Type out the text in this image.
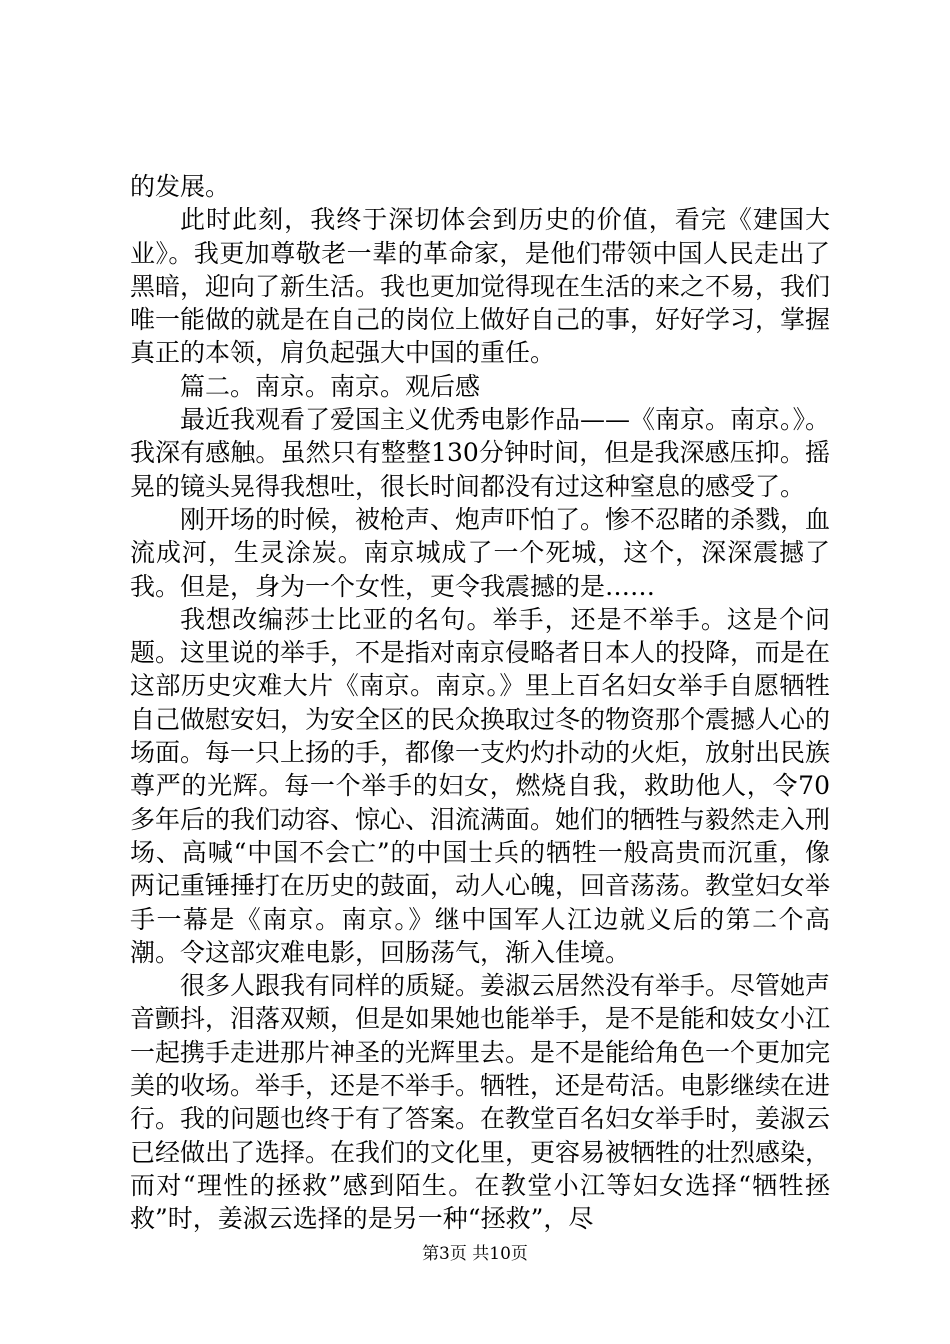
的发展。

此时此刻，我终于深切体会到历史的价值，看完《建国大业》。我更加尊敬老一辈的革命家，是他们带领中国人民走出了黑暗，迎向了新生活。我也更加觉得现在生活的来之不易，我们唯一能做的就是在自己的岗位上做好自己的事，好好学习，掌握真正的本领，肩负起强大中国的重任。

篇二。南京。南京。观后感

最近我观看了爱国主义优秀电影作品——《南京。南京。》。我深有感触。虽然只有整整130分钟时间，但是我深感压抑。摇晃的镜头晃得我想吐，很长时间都没有过这种窒息的感受了。

刚开场的时候，被枪声、炮声吓怕了。惨不忍睹的杀戮，血流成河，生灵涂炭。南京城成了一个死城，这个，深深震撼了我。但是，身为一个女性，更令我震撼的是……

我想改编莎士比亚的名句。举手，还是不举手。这是个问题。这里说的举手，不是指对南京侵略者日本人的投降，而是在这部历史灾难大片《南京。南京。》里上百名妇女举手自愿牺牲自己做慰安妇，为安全区的民众换取过冬的物资那个震撼人心的场面。每一只上扬的手，都像一支灼灼扑动的火炬，放射出民族尊严的光辉。每一个举手的妇女，燃烧自我，救助他人，令70多年后的我们动容、惊心、泪流满面。她们的牺牲与毅然走入刑场、高喊“中国不会亡”的中国士兵的牺牲一般高贵而沉重，像两记重锤捶打在历史的鼓面，动人心魄，回音荡荡。教堂妇女举手一幕是《南京。南京。》继中国军人江边就义后的第二个高潮。令这部灾难电影，回肠荡气，渐入佳境。

很多人跟我有同样的质疑。姜淑云居然没有举手。尽管她声音颤抖，泪落双颊，但是如果她也能举手，是不是能和妓女小江一起携手走进那片神圣的光辉里去。是不是能给角色一个更加完美的收场。举手，还是不举手。牺牲，还是苟活。电影继续在进行。我的问题也终于有了答案。在教堂百名妇女举手时，姜淑云已经做出了选择。在我们的文化里，更容易被牺牲的壮烈感染，而对“理性的拯救”感到陌生。在教堂小江等妇女选择“牺牲拯救”时，姜淑云选择的是另一种“拯救”，尽

第3页 共10页
